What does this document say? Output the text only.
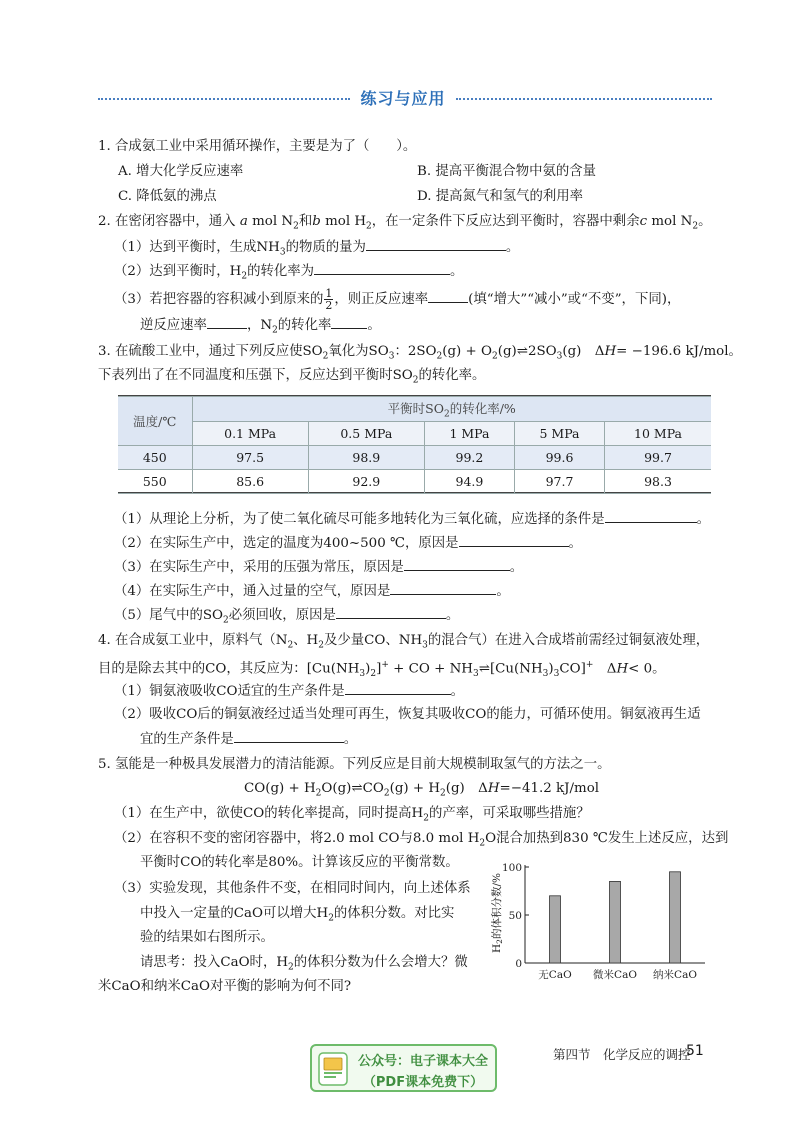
练习与应用
1. 合成氨工业中采用循环操作，主要是为了（　　）。
A. 增大化学反应速率	B. 提高平衡混合物中氨的含量
C. 降低氨的沸点	D. 提高氮气和氢气的利用率
2. 在密闭容器中，通入 a mol $N_2$和b mol $H_2$，在一定条件下反应达到平衡时，容器中剩余c mol $N_2$。
（1）达到平衡时，生成$NH_3$的物质的量为	。
（2）达到平衡时，$H_2$的转化率为	。
（3）若把容器的容积减小到原来的 $\frac{1}{2}$ ，则正反应速率	(填“增大”“减小”或“不变”，下同)，
逆反应速率	，$N_2$的转化率	。
3. 在硫酸工业中，通过下列反应使$SO_2$氧化为$SO_3$：$2SO_2(g)$ + $O_2(g)\rightleftharpoons 2SO_3(g)$　ΔH= −196.6 kJ/mol。
下表列出了在不同温度和压强下，反应达到平衡时$SO_2$的转化率。
温度/℃	平衡时$SO_2$的转化率/%				
	0.1 MPa	0.5 MPa	1 MPa	5 MPa	10 MPa
450	97.5	98.9	99.2	99.6	99.7
550	85.6	92.9	94.9	97.7	98.3
（1）从理论上分析，为了使二氧化硫尽可能多地转化为三氧化硫，应选择的条件是	。
（2）在实际生产中，选定的温度为400~500 ℃，原因是	。
（3）在实际生产中，采用的压强为常压，原因是	。
（4）在实际生产中，通入过量的空气，原因是	。
（5）尾气中的$SO_2$必须回收，原因是	。
4. 在合成氨工业中，原料气（$N_2$、$H_2$及少量CO、$NH_3$的混合气）在进入合成塔前需经过铜氨液处理，
目的是除去其中的CO，其反应为：$[Cu(NH_3)_2]^+$ + CO + $NH_3\rightleftharpoons[Cu(NH_3)_3CO]^+$　ΔH< 0。
（1）铜氨液吸收CO适宜的生产条件是	。
（2）吸收CO后的铜氨液经过适当处理可再生，恢复其吸收CO的能力，可循环使用。铜氨液再生适
宜的生产条件是	。
5. 氢能是一种极具发展潜力的清洁能源。下列反应是目前大规模制取氢气的方法之一。
$CO(g) + H_2O(g)\rightleftharpoons CO_2(g) + H_2(g)$　ΔH=−41.2 kJ/mol
（1）在生产中，欲使CO的转化率提高，同时提高$H_2$的产率，可采取哪些措施？
（2）在容积不变的密闭容器中，将2.0 mol CO与8.0 mol $H_2O$混合加热到830 ℃发生上述反应，达到
平衡时CO的转化率是80%。计算该反应的平衡常数。
（3）实验发现，其他条件不变，在相同时间内，向上述体系
中投入一定量的CaO可以增大$H_2$的体积分数。对比实
验的结果如右图所示。
请思考：投入CaO时，$H_2$的体积分数为什么会增大？微
米CaO和纳米CaO对平衡的影响为何不同?
H2的体积分数/%
0
50
100
无CaO 微米CaO 纳米CaO
第四节　化学反应的调控
51
公众号：电子课本大全
（PDF课本免费下）
